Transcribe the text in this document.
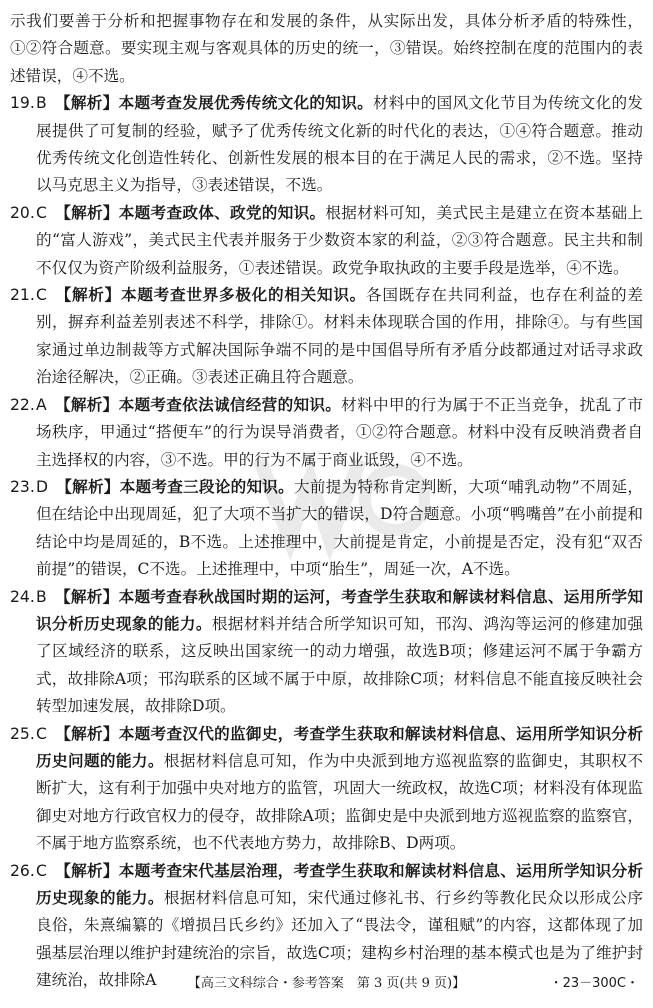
示我们要善于分析和把握事物存在和发展的条件，从实际出发，具体分析矛盾的特殊性，①②符合题意。要实现主观与客观具体的历史的统一，③错误。始终控制在度的范围内的表述错误，④不选。

19. B 【解析】本题考查发展优秀传统文化的知识。材料中的国风文化节目为传统文化的发展提供了可复制的经验，赋予了优秀传统文化新的时代化的表达，①④符合题意。推动优秀传统文化创造性转化、创新性发展的根本目的在于满足人民的需求，②不选。坚持以马克思主义为指导，③表述错误，不选。
20. C 【解析】本题考查政体、政党的知识。根据材料可知，美式民主是建立在资本基础上的“富人游戏”，美式民主代表并服务于少数资本家的利益，②③符合题意。民主共和制不仅仅为资产阶级利益服务，①表述错误。政党争取执政的主要手段是选举，④不选。
21. C 【解析】本题考查世界多极化的相关知识。各国既存在共同利益，也存在利益的差别，摒弃利益差别表述不科学，排除①。材料未体现联合国的作用，排除④。与有些国家通过单边制裁等方式解决国际争端不同的是中国倡导所有矛盾分歧都通过对话寻求政治途径解决，②正确。③表述正确且符合题意。
22. A 【解析】本题考查依法诚信经营的知识。材料中甲的行为属于不正当竞争，扰乱了市场秩序，甲通过“搭便车”的行为误导消费者，①②符合题意。材料中没有反映消费者自主选择权的内容，③不选。甲的行为不属于商业诋毁，④不选。
23. D 【解析】本题考查三段论的知识。大前提为特称肯定判断，大项“哺乳动物”不周延，但在结论中出现周延，犯了大项不当扩大的错误，D符合题意。小项“鸭嘴兽”在小前提和结论中均是周延的，B不选。上述推理中，大前提是肯定，小前提是否定，没有犯“双否前提”的错误，C不选。上述推理中，中项“胎生”，周延一次，A不选。
24. B 【解析】本题考查春秋战国时期的运河，考查学生获取和解读材料信息、运用所学知识分析历史现象的能力。根据材料并结合所学知识可知，邗沟、鸿沟等运河的修建加强了区域经济的联系，这反映出国家统一的动力增强，故选B项；修建运河不属于争霸方式，故排除A项；邗沟联系的区域不属于中原，故排除C项；材料信息不能直接反映社会转型加速发展，故排除D项。
25. C 【解析】本题考查汉代的监御史，考查学生获取和解读材料信息、运用所学知识分析历史问题的能力。根据材料信息可知，作为中央派到地方巡视监察的监御史，其职权不断扩大，这有利于加强中央对地方的监管，巩固大一统政权，故选C项；材料没有体现监御史对地方行政官权力的侵夺，故排除A项；监御史是中央派到地方巡视监察的监察官，不属于地方监察系统，也不代表地方势力，故排除B、D两项。
26. C 【解析】本题考查宋代基层治理，考查学生获取和解读材料信息、运用所学知识分析历史现象的能力。根据材料信息可知，宋代通过修礼书、行乡约等教化民众以形成公序良俗，朱熹编纂的《增损吕氏乡约》还加入了“畏法令，谨租赋”的内容，这都体现了加强基层治理以维护封建统治的宗旨，故选C项；建构乡村治理的基本模式也是为了维护封建统治，故排除A	【高三文科综合・参考答案　第 3 页(共 9 页)】	・23－300C・
